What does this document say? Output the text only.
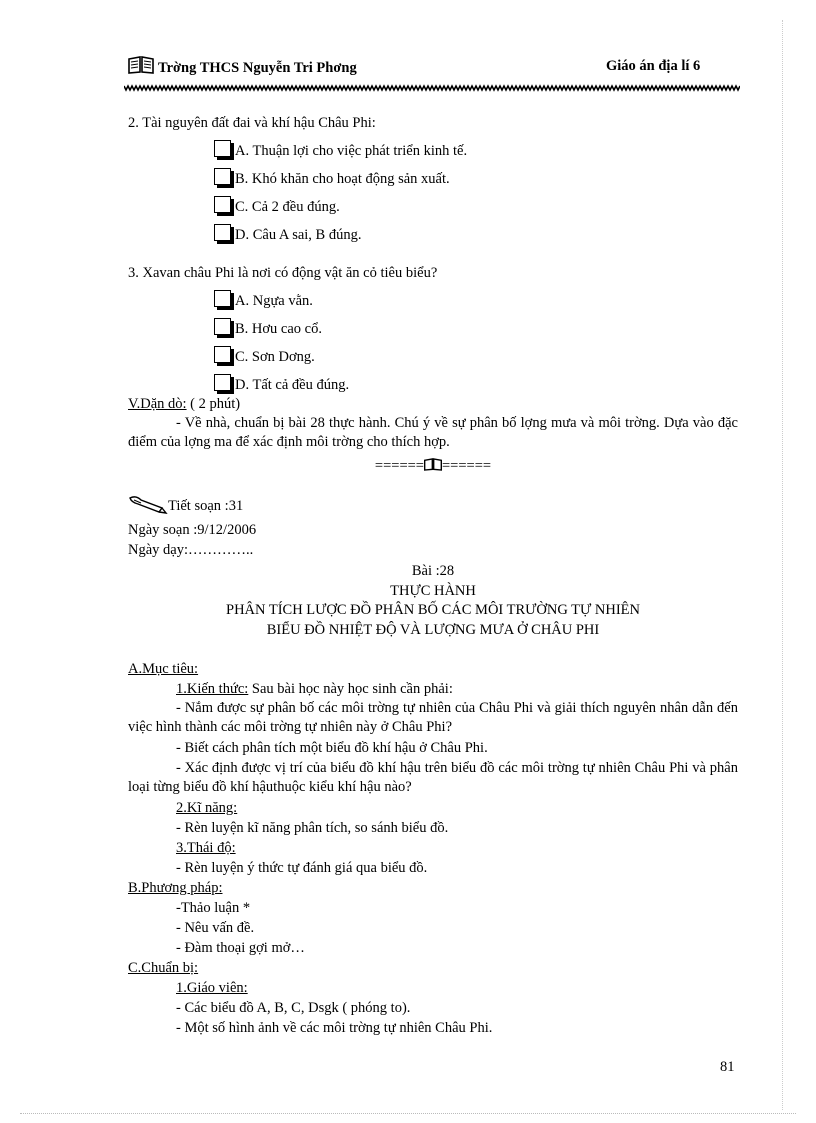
Trờng THCS Nguyễn Tri Phơng	Giáo án địa lí 6
2. Tài nguyên đất đai và khí hậu Châu Phi:
A. Thuận lợi cho việc phát triển kinh tế.
B. Khó khăn cho hoạt động sản xuất.
C. Cả 2 đều đúng.
D. Câu A sai, B đúng.
3. Xavan châu Phi là nơi có động vật ăn cỏ tiêu biểu?
A. Ngựa vằn.
B. Hơu cao cổ.
C. Sơn Dơng.
D. Tất cả đều đúng.
V.Dặn dò: ( 2 phút)
- Về nhà, chuẩn bị bài 28 thực hành. Chú ý về sự phân bố lợng mưa và môi trờng. Dựa vào đặc điểm của lợng ma để xác định môi trờng cho thích hợp.
====== ======
Tiết soạn :31
Ngày soạn :9/12/2006
Ngày dạy:…………..
Bài :28
THỰC HÀNH
PHÂN TÍCH LƯỢC ĐỒ PHÂN BỐ CÁC MÔI TRƯỜNG TỰ NHIÊN
BIỂU ĐỒ NHIỆT ĐỘ VÀ LƯỢNG MƯA Ở CHÂU PHI
A.Mục tiêu:
1.Kiến thức: Sau bài học này học sinh cần phải:
- Nắm được sự phân bố các môi trờng tự nhiên của Châu Phi và giải thích nguyên nhân dẫn đến việc hình thành các môi trờng tự nhiên này ở Châu Phi?
- Biết cách phân tích một biểu đồ khí hậu ở Châu Phi.
- Xác định được vị trí của biểu đồ khí hậu trên biểu đồ các môi trờng tự nhiên Châu Phi và phân loại từng biểu đồ khí hậuthuộc kiểu khí hậu nào?
2.Kĩ năng:
- Rèn luyện kĩ năng phân tích, so sánh biểu đồ.
3.Thái độ:
- Rèn luyện ý thức tự đánh giá qua biểu đồ.
B.Phương pháp:
-Thảo luận *
- Nêu vấn đề.
- Đàm thoại gợi mở…
C.Chuẩn bị:
1.Giáo viên:
- Các biểu đồ A, B, C, Dsgk ( phóng to).
- Một số hình ảnh về các môi trờng tự nhiên Châu Phi.
81
